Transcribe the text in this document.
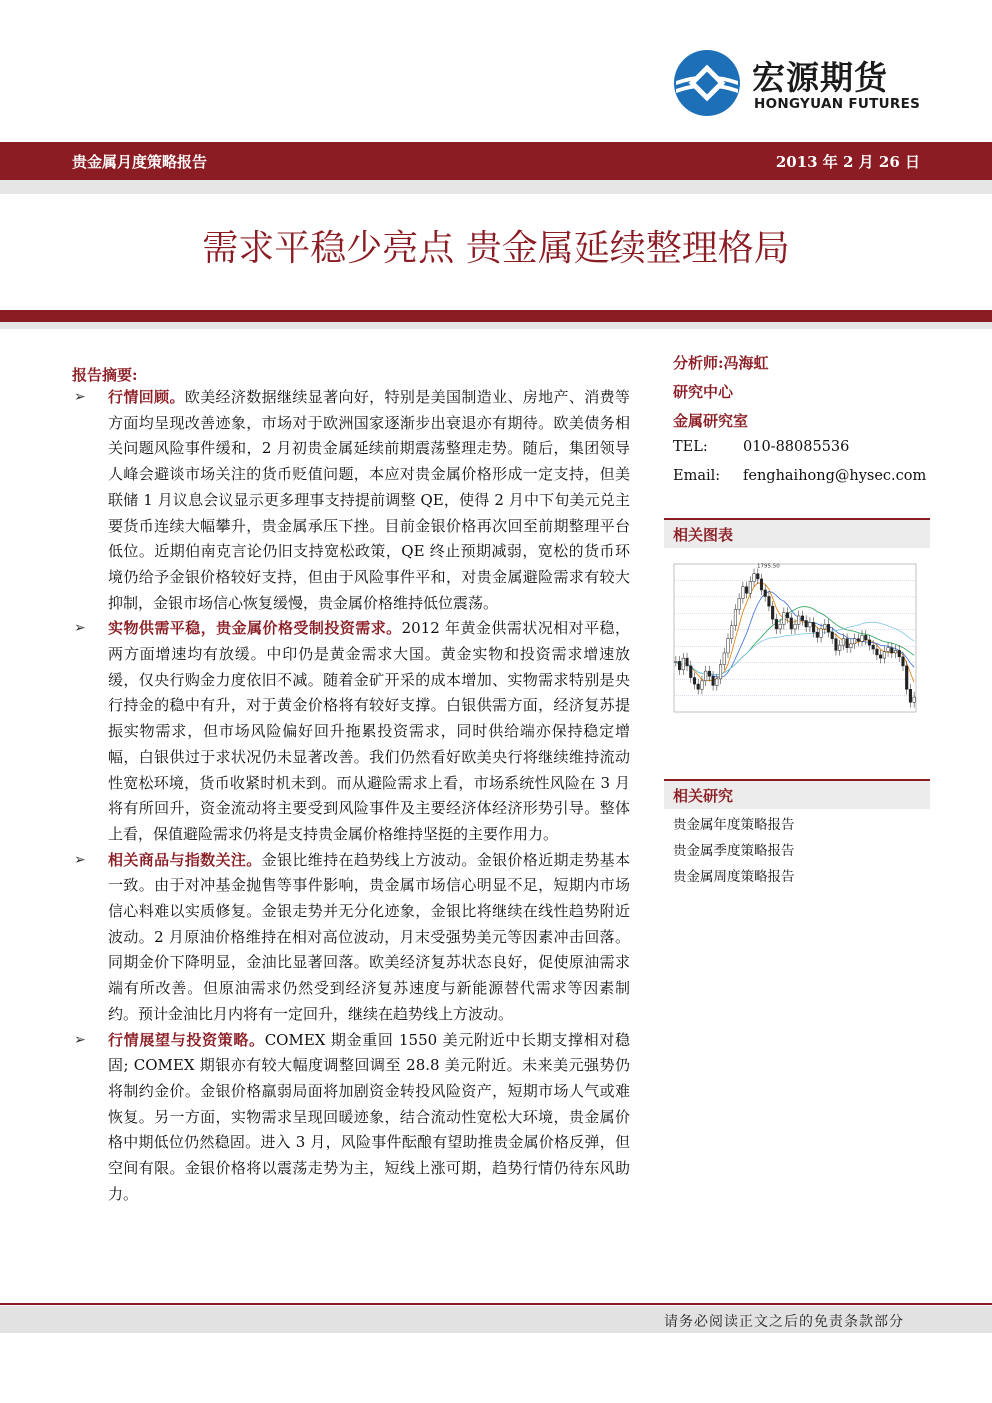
宏源期货
HONGYUAN FUTURES
贵金属月度策略报告	2013 年 2 月 26 日
需求平稳少亮点 贵金属延续整理格局
报告摘要:
➢ 行情回顾。欧美经济数据继续显著向好，特别是美国制造业、房地产、消费等方面均呈现改善迹象，市场对于欧洲国家逐渐步出衰退亦有期待。欧美债务相关问题风险事件缓和，2 月初贵金属延续前期震荡整理走势。随后，集团领导人峰会避谈市场关注的货币贬值问题，本应对贵金属价格形成一定支持，但美联储 1 月议息会议显示更多理事支持提前调整 QE，使得 2 月中下旬美元兑主要货币连续大幅攀升，贵金属承压下挫。目前金银价格再次回至前期整理平台低位。近期伯南克言论仍旧支持宽松政策，QE 终止预期减弱，宽松的货币环境仍给予金银价格较好支持，但由于风险事件平和，对贵金属避险需求有较大抑制，金银市场信心恢复缓慢，贵金属价格维持低位震荡。
➢ 实物供需平稳，贵金属价格受制投资需求。2012 年黄金供需状况相对平稳，两方面增速均有放缓。中印仍是黄金需求大国。黄金实物和投资需求增速放缓，仅央行购金力度依旧不减。随着金矿开采的成本增加、实物需求特别是央行持金的稳中有升，对于黄金价格将有较好支撑。白银供需方面，经济复苏提振实物需求，但市场风险偏好回升拖累投资需求，同时供给端亦保持稳定增幅，白银供过于求状况仍未显著改善。我们仍然看好欧美央行将继续维持流动性宽松环境，货币收紧时机未到。而从避险需求上看，市场系统性风险在 3 月将有所回升，资金流动将主要受到风险事件及主要经济体经济形势引导。整体上看，保值避险需求仍将是支持贵金属价格维持坚挺的主要作用力。
➢ 相关商品与指数关注。金银比维持在趋势线上方波动。金银价格近期走势基本一致。由于对冲基金抛售等事件影响，贵金属市场信心明显不足，短期内市场信心料难以实质修复。金银走势并无分化迹象，金银比将继续在线性趋势附近波动。2 月原油价格维持在相对高位波动，月末受强势美元等因素冲击回落。同期金价下降明显，金油比显著回落。欧美经济复苏状态良好，促使原油需求端有所改善。但原油需求仍然受到经济复苏速度与新能源替代需求等因素制约。预计金油比月内将有一定回升，继续在趋势线上方波动。
➢ 行情展望与投资策略。COMEX 期金重回 1550 美元附近中长期支撑相对稳固; COMEX 期银亦有较大幅度调整回调至 28.8 美元附近。未来美元强势仍将制约金价。金银价格羸弱局面将加剧资金转投风险资产，短期市场人气或难恢复。另一方面，实物需求呈现回暖迹象，结合流动性宽松大环境，贵金属价格中期低位仍然稳固。进入 3 月，风险事件酝酿有望助推贵金属价格反弹，但空间有限。金银价格将以震荡走势为主，短线上涨可期，趋势行情仍待东风助力。
分析师:冯海虹
研究中心
金属研究室
TEL: 010-88085536
Email: fenghaihong@hysec.com
相关图表
1795.50
相关研究
贵金属年度策略报告
贵金属季度策略报告
贵金属周度策略报告
请务必阅读正文之后的免责条款部分
